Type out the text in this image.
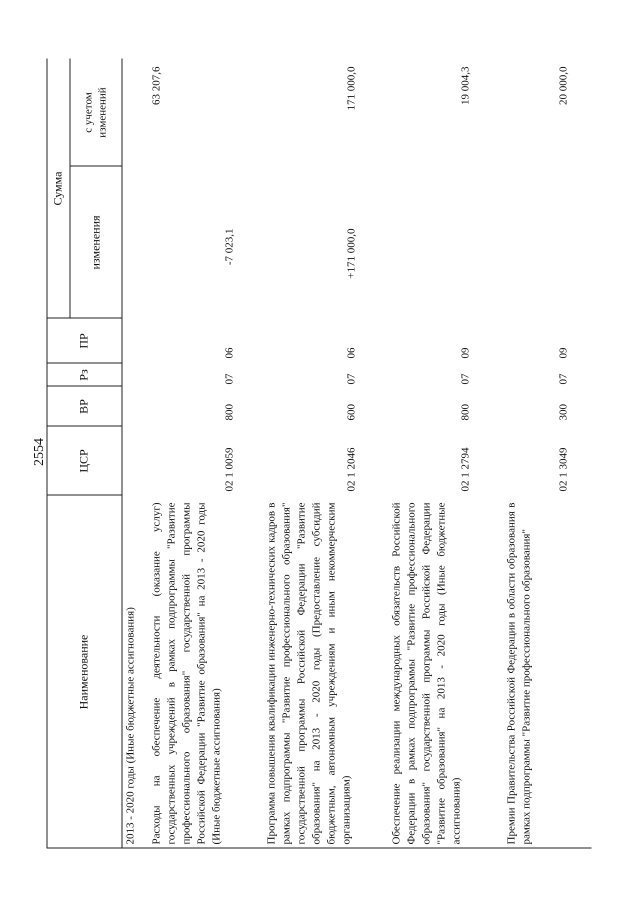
2554
Наименование
ЦСР
ВР
Рз
ПР
Сумма
изменения
с учетом изменений
2013 - 2020 годы (Иные бюджетные ассигнования) Расходы на обеспечение деятельности (оказание услуг) государственных учреждений в рамках подпрограммы "Развитие профессионального образования" государственной программы Российской Федерации "Развитие образования" на 2013 - 2020 годы (Иные бюджетные ассигнования)
02 1 0059
800
07
06
-7 023,1
63 207,6
Программа повышения квалификации инженерно-технических кадров в рамках подпрограммы "Развитие профессионального образования" государственной программы Российской Федерации "Развитие образования" на 2013 - 2020 годы (Предоставление субсидий бюджетным, автономным учреждениям и иным некоммерческим организациям)
02 1 2046
600
07
06
+171 000,0
171 000,0
Обеспечение реализации международных обязательств Российской Федерации в рамках подпрограммы "Развитие профессионального образования" государственной программы Российской Федерации "Развитие образования" на 2013 - 2020 годы (Иные бюджетные ассигнования)
02 1 2794
800
07
09
19 004,3
Премии Правительства Российской Федерации в области образования в рамках подпрограммы "Развитие профессионального образования"
02 1 3049
300
07
09
20 000,0
